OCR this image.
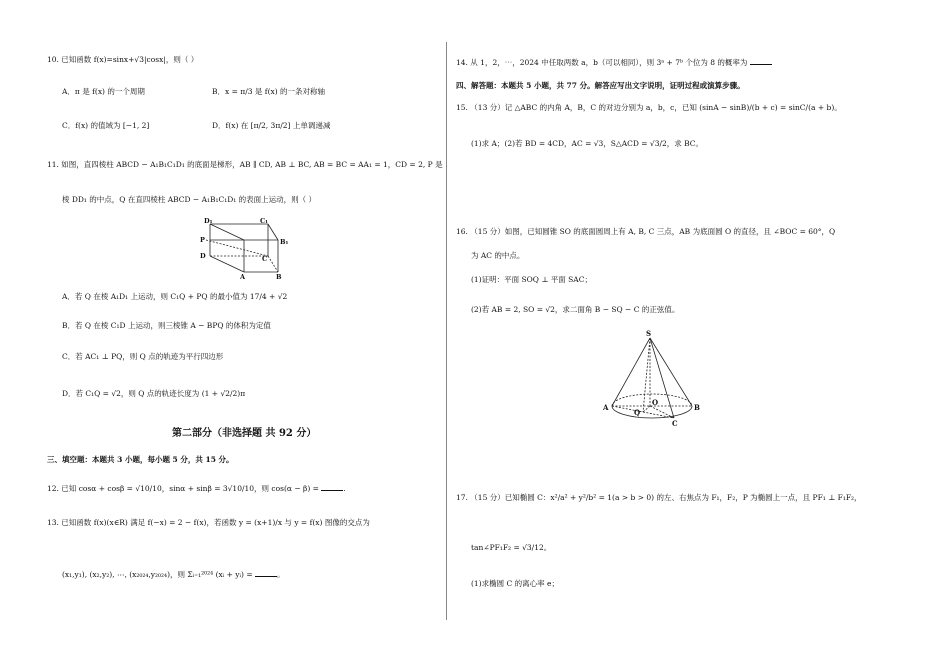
10. 已知函数 f(x)=sinx+√3|cosx|，则（ ）
A．π 是 f(x) 的一个周期	B．x = π/3 是 f(x) 的一条对称轴
C．f(x) 的值域为 [−1, 2]	D．f(x) 在 [π/2, 3π/2] 上单调递减
11. 如图，直四棱柱 ABCD − A₁B₁C₁D₁ 的底面是梯形，AB ∥ CD, AB ⊥ BC, AB = BC = AA₁ = 1，CD = 2, P 是
棱 DD₁ 的中点，Q 在直四棱柱 ABCD − A₁B₁C₁D₁ 的表面上运动，则（ ）
D₁	C₁
P	B₁
D	C
A	B
A．若 Q 在棱 A₁D₁ 上运动，则 C₁Q + PQ 的最小值为 17/4 + √2
B．若 Q 在棱 C₁D 上运动，则三棱锥 A − BPQ 的体积为定值
C．若 AC₁ ⊥ PQ，则 Q 点的轨迹为平行四边形
D．若 C₁Q = √2，则 Q 点的轨迹长度为 (1 + √2/2)π
第二部分（非选择题 共 92 分）
三、填空题：本题共 3 小题，每小题 5 分，共 15 分。
12. 已知 cosα + cosβ = √10/10，sinα + sinβ = 3√10/10，则 cos(α − β) =	.
13. 已知函数 f(x)(x∈R) 满足 f(−x) = 2 − f(x)，若函数 y = (x+1)/x 与 y = f(x) 图像的交点为
(x₁,y₁), (x₂,y₂), ⋯, (x₂₀₂₄,y₂₀₂₄)，则 Σᵢ₌₁²⁰²⁴ (xᵢ + yᵢ) =	。
14. 从 1，2，⋯，2024 中任取两数 a，b（可以相同），则 3ᵃ + 7ᵇ 个位为 8 的概率为
四、解答题：本题共 5 小题，共 77 分。解答应写出文字说明，证明过程或演算步骤。
15. （13 分）记 △ABC 的内角 A，B，C 的对边分别为 a，b，c，已知 (sinA − sinB)/(b + c) = sinC/(a + b)。
(1)求 A；(2)若 BD = 4CD，AC = √3，S△ACD = √3/2，求 BC。
16. （15 分）如图，已知圆锥 SO 的底面圆周上有 A, B, C 三点，AB 为底面圆 O 的直径，且 ∠BOC = 60°，Q
为 AC 的中点。
(1)证明：平面 SOQ ⊥ 平面 SAC；
(2)若 AB = 2, SO = √2，求二面角 B − SQ − C 的正弦值。
S
A
O
Q
B
C
17. （15 分）已知椭圆 C：x²/a² + y²/b² = 1(a > b > 0) 的左、右焦点为 F₁，F₂，P 为椭圆上一点，且 PF₁ ⊥ F₁F₂，
tan∠PF₁F₂ = √3/12。
(1)求椭圆 C 的离心率 e；
